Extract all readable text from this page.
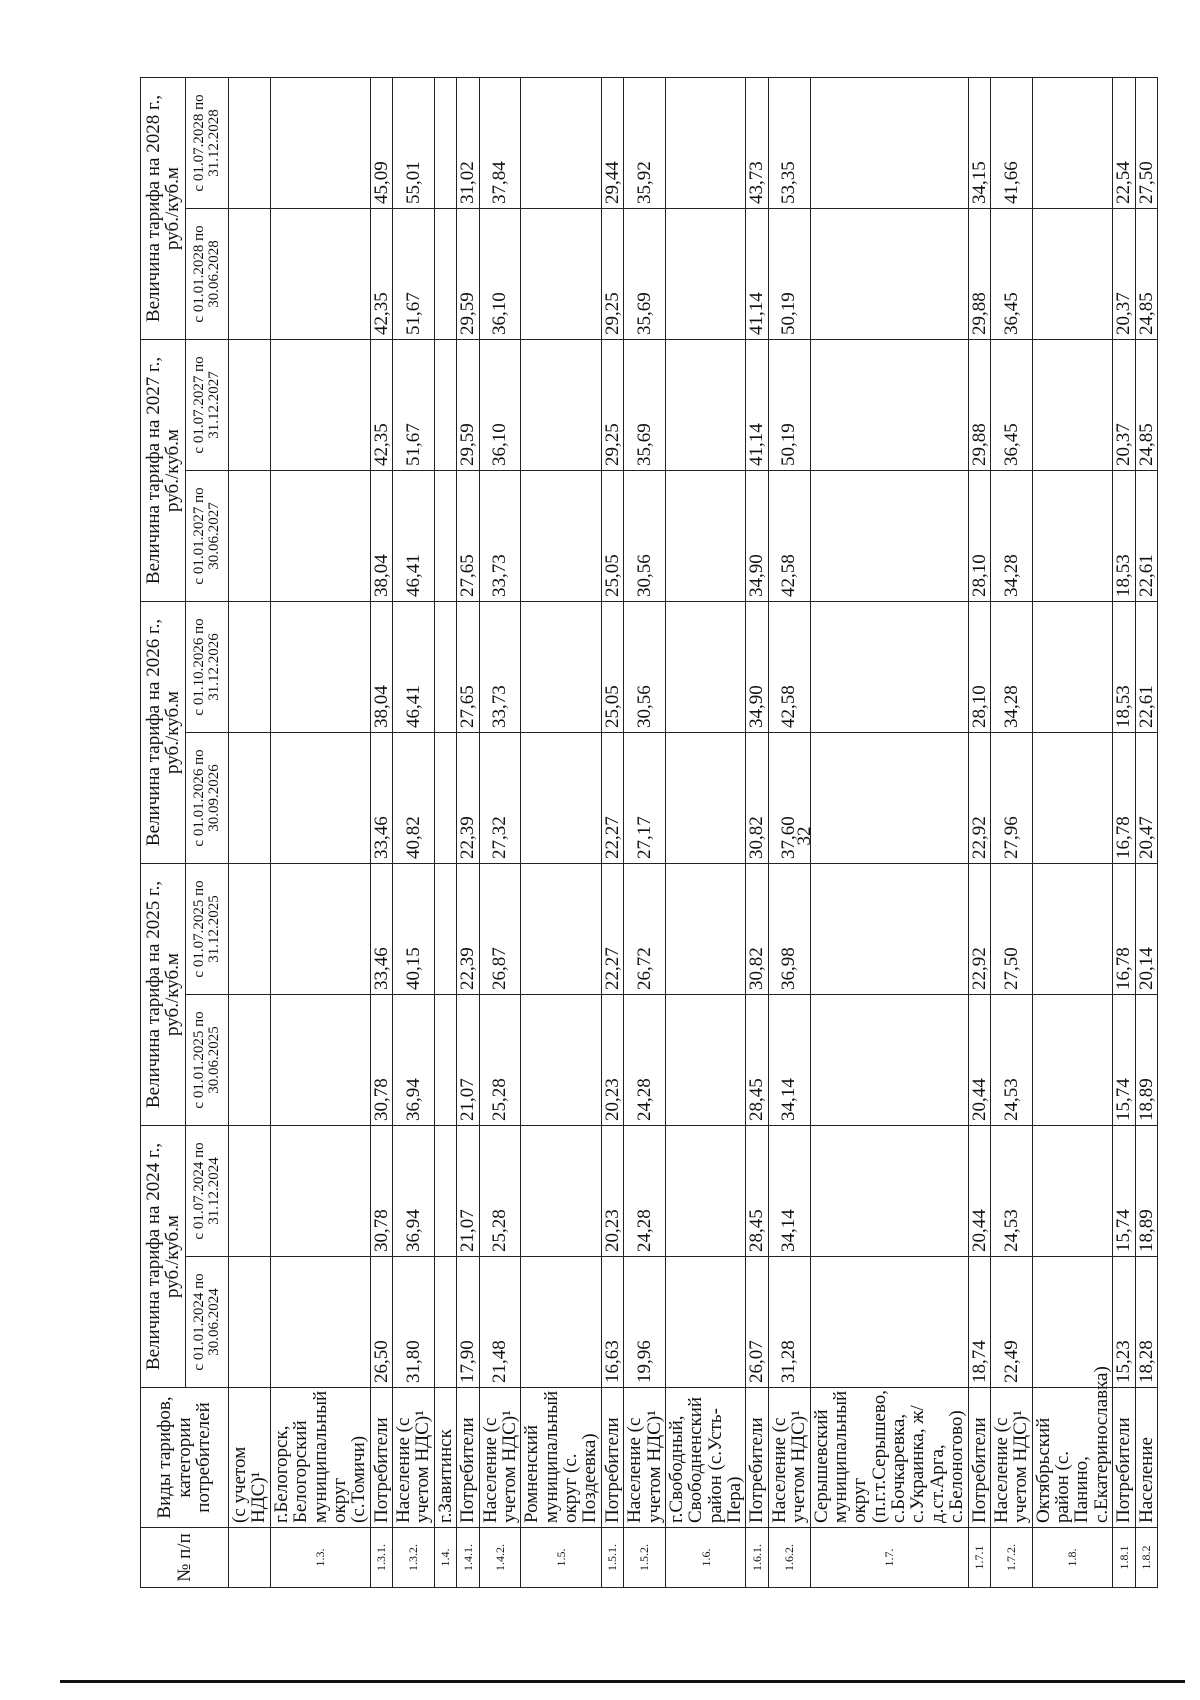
32
№ п/п	Виды тарифов, категории потребителей	Величина тарифа на 2024 г., руб./куб.м		Величина тарифа на 2025 г., руб./куб.м		Величина тарифа на 2026 г., руб./куб.м		Величина тарифа на 2027 г., руб./куб.м		Величина тарифа на 2028 г., руб./куб.м	
		с 01.01.2024 по 30.06.2024	с 01.07.2024 по 31.12.2024	с 01.01.2025 по 30.06.2025	с 01.07.2025 по 31.12.2025	с 01.01.2026 по 30.09.2026	с 01.10.2026 по 31.12.2026	с 01.01.2027 по 30.06.2027	с 01.07.2027 по 31.12.2027	с 01.01.2028 по 30.06.2028	с 01.07.2028 по 31.12.2028
	(с учетом НДС)¹										
1.3.	г.Белогорск, Белогорский муниципальный округ (с.Томичи)										
1.3.1.	Потребители	26,50	30,78	30,78	33,46	33,46	38,04	38,04	42,35	42,35	45,09
1.3.2.	Население (с учетом НДС)¹	31,80	36,94	36,94	40,15	40,82	46,41	46,41	51,67	51,67	55,01
1.4.	г.Завитинск										
1.4.1.	Потребители	17,90	21,07	21,07	22,39	22,39	27,65	27,65	29,59	29,59	31,02
1.4.2.	Население (с учетом НДС)¹	21,48	25,28	25,28	26,87	27,32	33,73	33,73	36,10	36,10	37,84
1.5.	Ромненский муниципальный округ (с. Поздеевка)										
1.5.1.	Потребители	16,63	20,23	20,23	22,27	22,27	25,05	25,05	29,25	29,25	29,44
1.5.2.	Население (с учетом НДС)¹	19,96	24,28	24,28	26,72	27,17	30,56	30,56	35,69	35,69	35,92
1.6.	г.Свободный, Свободненский район (с.Усть-Пера)										
1.6.1.	Потребители	26,07	28,45	28,45	30,82	30,82	34,90	34,90	41,14	41,14	43,73
1.6.2.	Население (с учетом НДС)¹	31,28	34,14	34,14	36,98	37,60	42,58	42,58	50,19	50,19	53,35
1.7.	Серышевский муниципальный округ (п.г.т.Серышево, с.Бочкаревка, с.Украинка, ж/д.ст.Арга, с.Белоногово)										
1.7.1	Потребители	18,74	20,44	20,44	22,92	22,92	28,10	28,10	29,88	29,88	34,15
1.7.2.	Население (с учетом НДС)¹	22,49	24,53	24,53	27,50	27,96	34,28	34,28	36,45	36,45	41,66
1.8.	Октябрьский район (с. Панино, с.Екатериноcлавка)										
1.8.1	Потребители	15,23	15,74	15,74	16,78	16,78	18,53	18,53	20,37	20,37	22,54
1.8.2	Население	18,28	18,89	18,89	20,14	20,47	22,61	22,61	24,85	24,85	27,50
